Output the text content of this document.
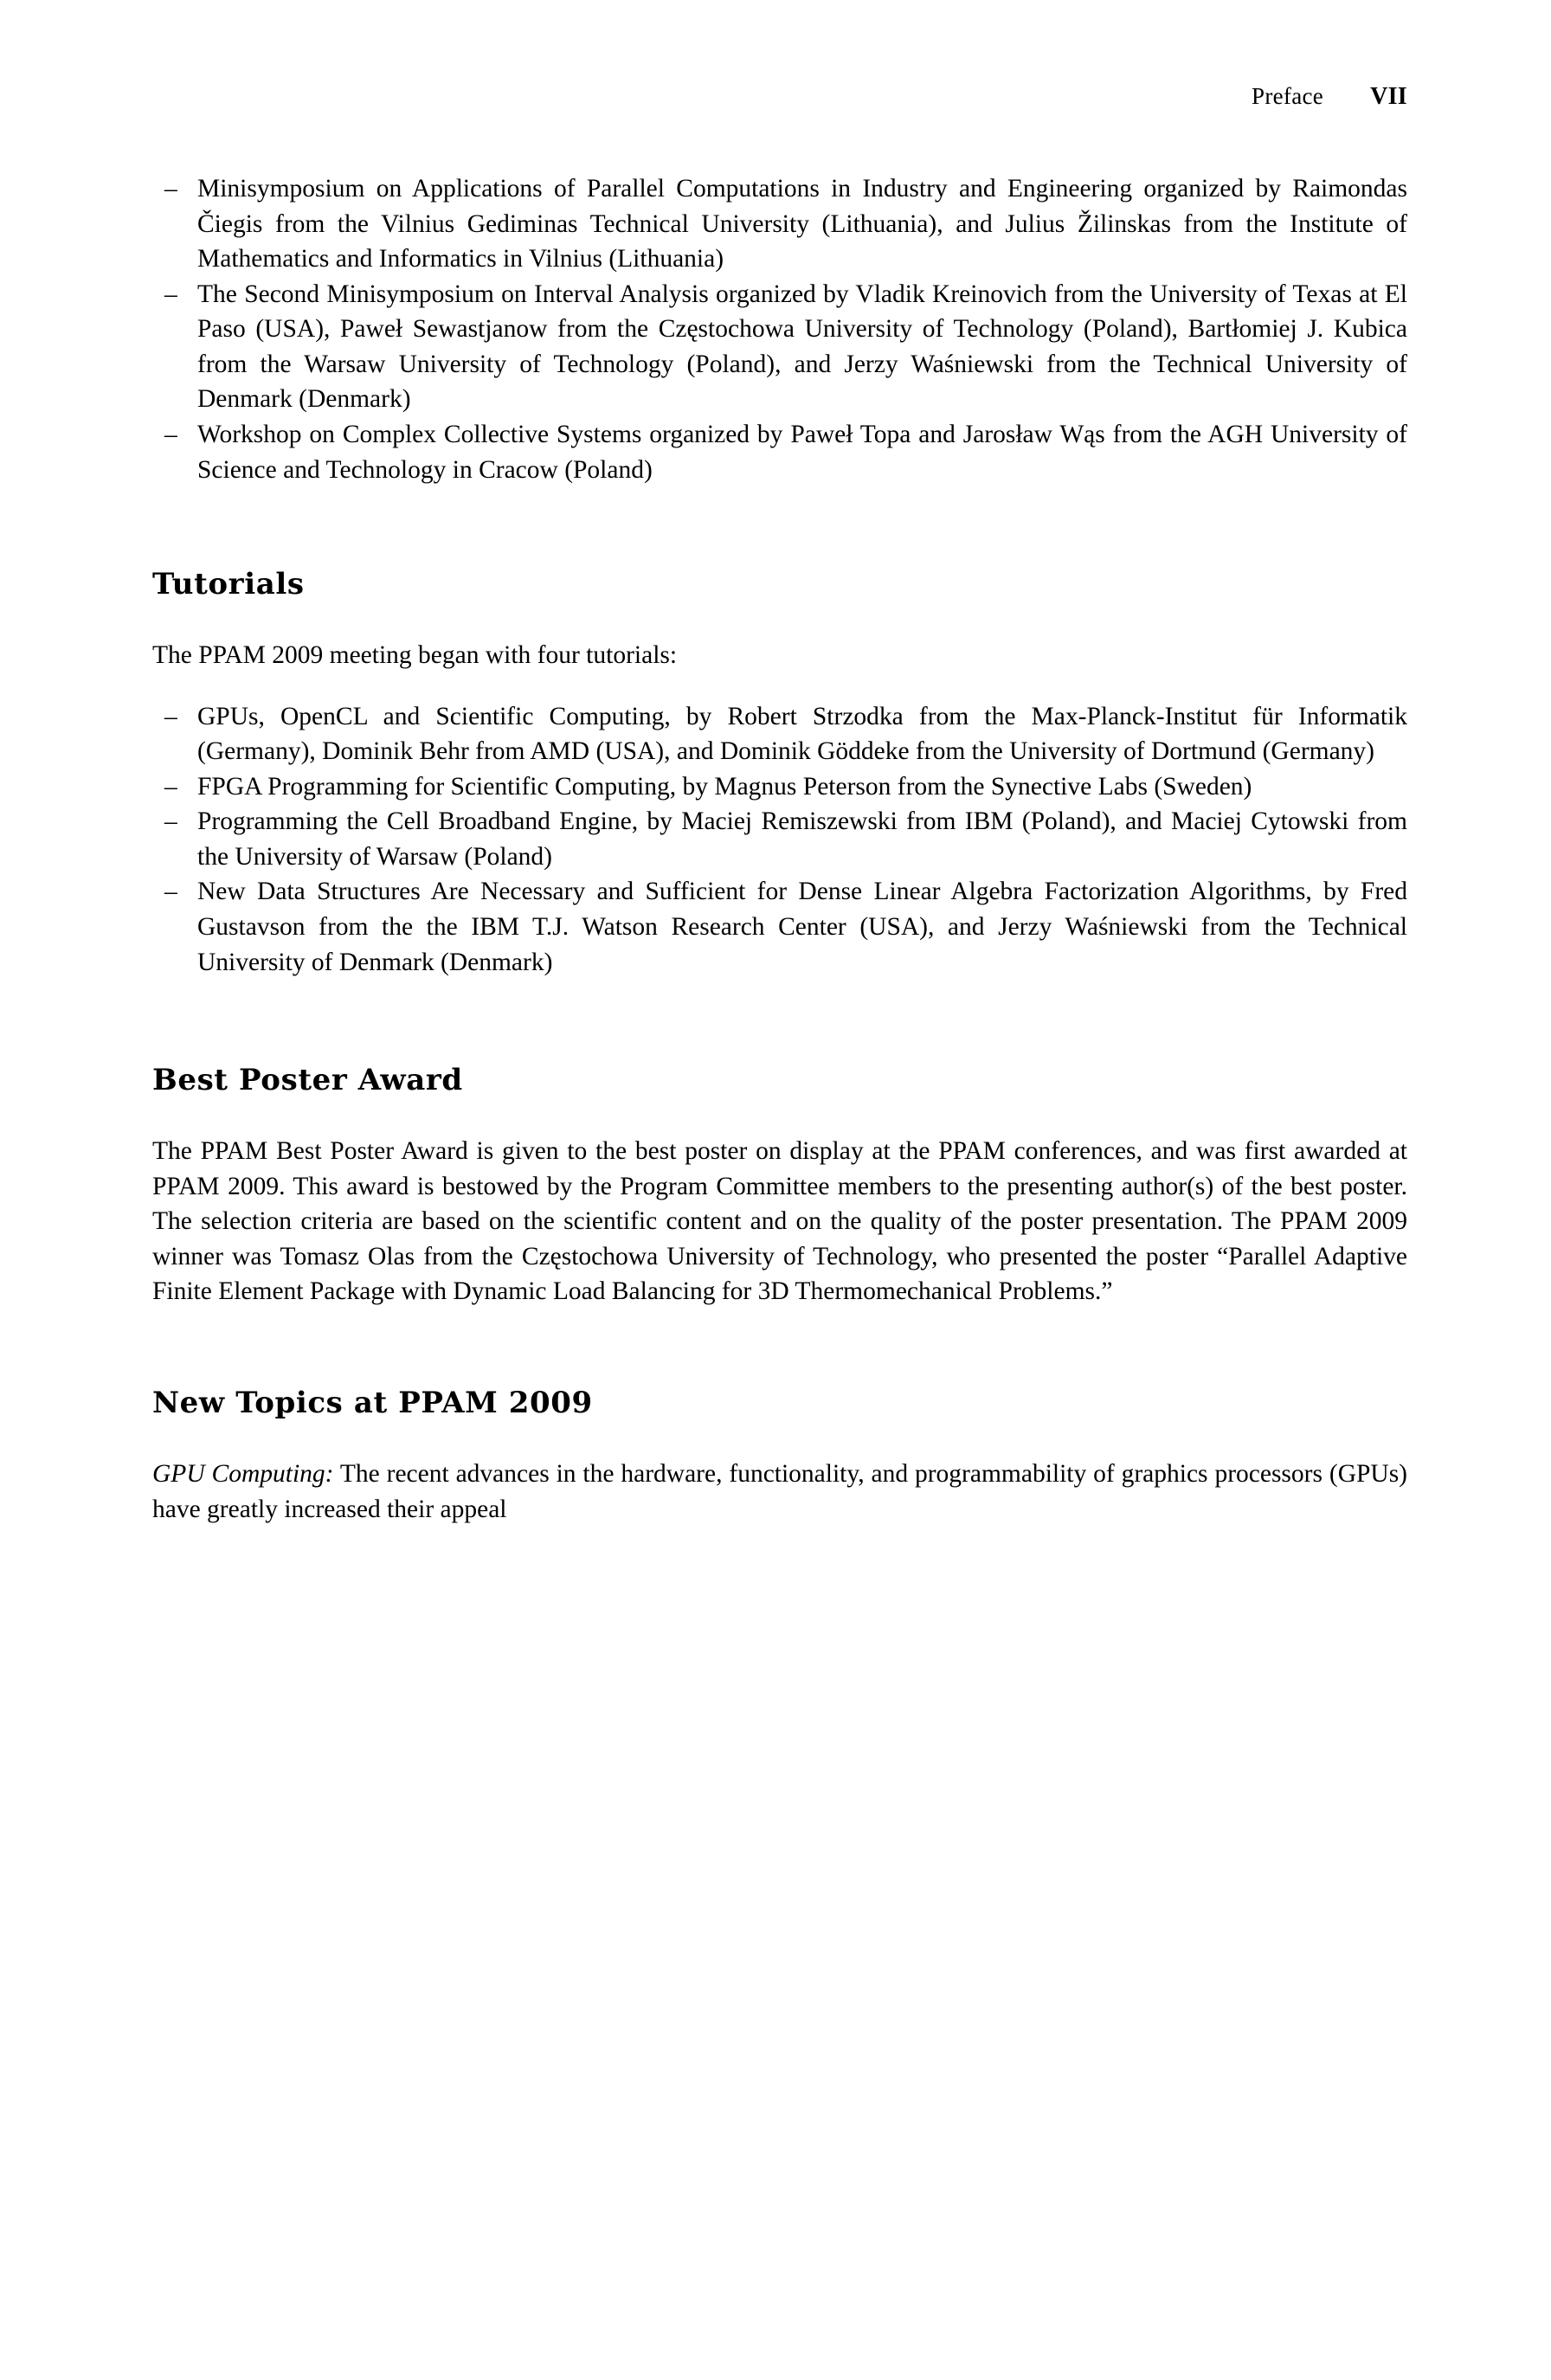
Preface VII
– Minisymposium on Applications of Parallel Computations in Industry and Engineering organized by Raimondas Čiegis from the Vilnius Gediminas Technical University (Lithuania), and Julius Žilinskas from the Institute of Mathematics and Informatics in Vilnius (Lithuania)
– The Second Minisymposium on Interval Analysis organized by Vladik Kreinovich from the University of Texas at El Paso (USA), Paweł Sewastjanow from the Częstochowa University of Technology (Poland), Bartłomiej J. Kubica from the Warsaw University of Technology (Poland), and Jerzy Waśniewski from the Technical University of Denmark (Denmark)
– Workshop on Complex Collective Systems organized by Paweł Topa and Jarosław Wąs from the AGH University of Science and Technology in Cracow (Poland)
Tutorials

The PPAM 2009 meeting began with four tutorials:

– GPUs, OpenCL and Scientific Computing, by Robert Strzodka from the Max-Planck-Institut für Informatik (Germany), Dominik Behr from AMD (USA), and Dominik Göddeke from the University of Dortmund (Germany)
– FPGA Programming for Scientific Computing, by Magnus Peterson from the Synective Labs (Sweden)
– Programming the Cell Broadband Engine, by Maciej Remiszewski from IBM (Poland), and Maciej Cytowski from the University of Warsaw (Poland)
– New Data Structures Are Necessary and Sufficient for Dense Linear Algebra Factorization Algorithms, by Fred Gustavson from the the IBM T.J. Watson Research Center (USA), and Jerzy Waśniewski from the Technical University of Denmark (Denmark)
Best Poster Award

The PPAM Best Poster Award is given to the best poster on display at the PPAM conferences, and was first awarded at PPAM 2009. This award is bestowed by the Program Committee members to the presenting author(s) of the best poster. The selection criteria are based on the scientific content and on the quality of the poster presentation. The PPAM 2009 winner was Tomasz Olas from the Częstochowa University of Technology, who presented the poster “Parallel Adaptive Finite Element Package with Dynamic Load Balancing for 3D Thermomechanical Problems.”

New Topics at PPAM 2009

GPU Computing: The recent advances in the hardware, functionality, and programmability of graphics processors (GPUs) have greatly increased their appeal
